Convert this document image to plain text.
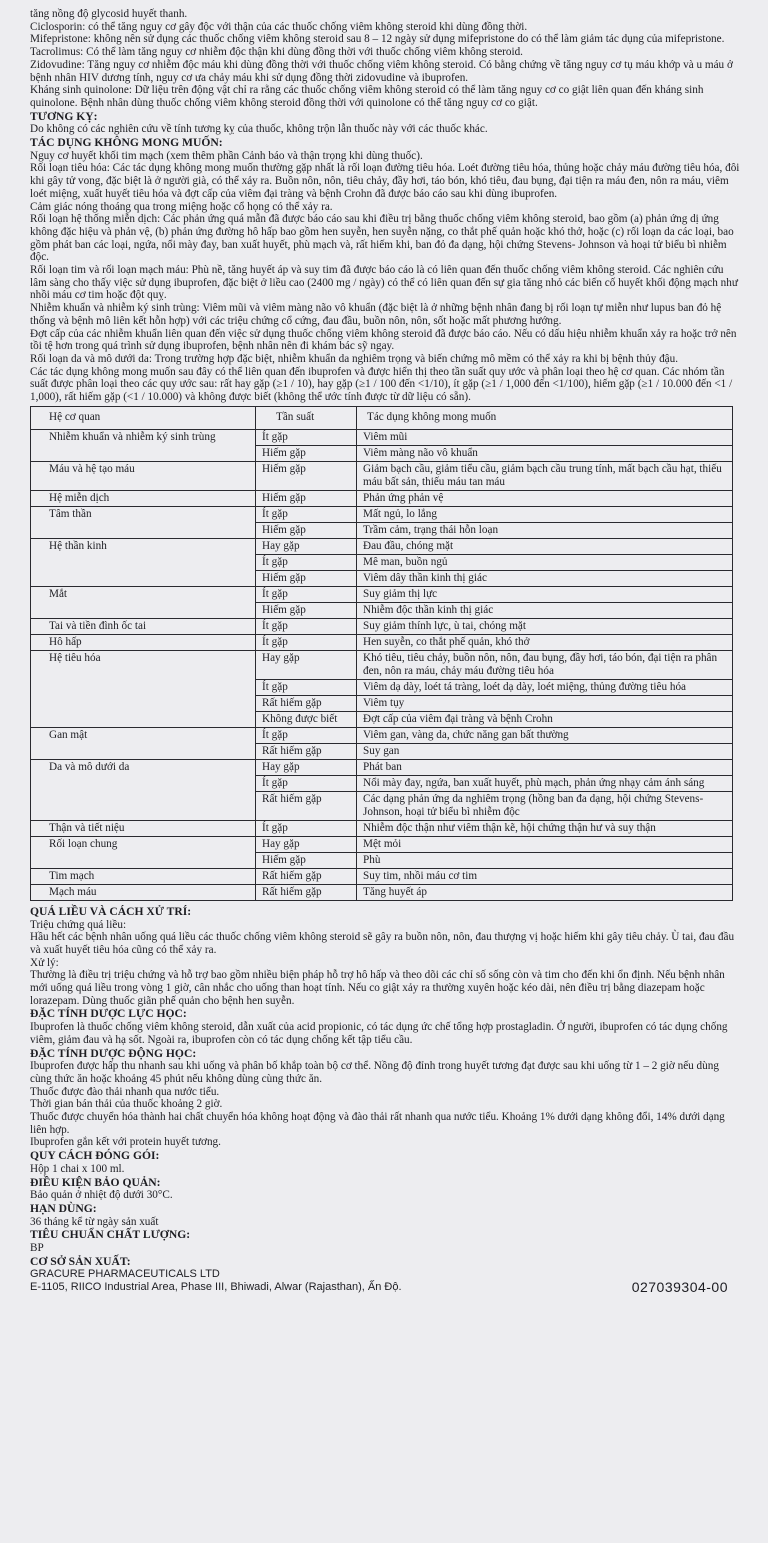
tăng nồng độ glycosid huyết thanh.

Ciclosporin: có thể tăng nguy cơ gây độc với thận của các thuốc chống viêm không steroid khi dùng đồng thời.

Mifepristone: không nên sử dụng các thuốc chống viêm không steroid sau 8 – 12 ngày sử dụng mifepristone do có thể làm giảm tác dụng của mifepristone.

Tacrolimus: Có thể làm tăng nguy cơ nhiễm độc thận khi dùng đồng thời với thuốc chống viêm không steroid.

Zidovudine: Tăng nguy cơ nhiễm độc máu khi dùng đồng thời với thuốc chống viêm không steroid. Có bằng chứng về tăng nguy cơ tụ máu khớp và u máu ở bệnh nhân HIV dương tính, nguy cơ ưa chảy máu khi sử dụng đồng thời zidovudine và ibuprofen.

Kháng sinh quinolone: Dữ liệu trên động vật chỉ ra rằng các thuốc chống viêm không steroid có thể làm tăng nguy cơ co giật liên quan đến kháng sinh quinolone. Bệnh nhân dùng thuốc chống viêm không steroid đồng thời với quinolone có thể tăng nguy cơ co giật.

TƯƠNG KỴ:

Do không có các nghiên cứu về tính tương kỵ của thuốc, không trộn lẫn thuốc này với các thuốc khác.

TÁC DỤNG KHÔNG MONG MUỐN:

Nguy cơ huyết khối tim mạch (xem thêm phần Cảnh báo và thận trọng khi dùng thuốc).

Rối loạn tiêu hóa: Các tác dụng không mong muốn thường gặp nhất là rối loạn đường tiêu hóa. Loét đường tiêu hóa, thủng hoặc chảy máu đường tiêu hóa, đôi khi gây tử vong, đặc biệt là ở người già, có thể xảy ra. Buồn nôn, nôn, tiêu chảy, đầy hơi, táo bón, khó tiêu, đau bụng, đại tiện ra máu đen, nôn ra máu, viêm loét miệng, xuất huyết tiêu hóa và đợt cấp của viêm đại tràng và bệnh Crohn đã được báo cáo sau khi dùng ibuprofen.

Cảm giác nóng thoáng qua trong miệng hoặc cổ họng có thể xảy ra.

Rối loạn hệ thống miễn dịch: Các phản ứng quá mẫn đã được báo cáo sau khi điều trị bằng thuốc chống viêm không steroid, bao gồm (a) phản ứng dị ứng không đặc hiệu và phản vệ, (b) phản ứng đường hô hấp bao gồm hen suyễn, hen suyễn nặng, co thắt phế quản hoặc khó thở, hoặc (c) rối loạn da các loại, bao gồm phát ban các loại, ngứa, nổi mày đay, ban xuất huyết, phù mạch và, rất hiếm khi, ban đỏ đa dạng, hội chứng Stevens- Johnson và hoại tử biểu bì nhiễm độc.

Rối loạn tim và rối loạn mạch máu: Phù nề, tăng huyết áp và suy tim đã được báo cáo là có liên quan đến thuốc chống viêm không steroid. Các nghiên cứu lâm sàng cho thấy việc sử dụng ibuprofen, đặc biệt ở liều cao (2400 mg / ngày) có thể có liên quan đến sự gia tăng nhỏ các biến cố huyết khối động mạch như nhồi máu cơ tim hoặc đột quỵ.

Nhiễm khuẩn và nhiễm ký sinh trùng: Viêm mũi và viêm màng não vô khuẩn (đặc biệt là ở những bệnh nhân đang bị rối loạn tự miễn như lupus ban đỏ hệ thống và bệnh mô liên kết hỗn hợp) với các triệu chứng cổ cứng, đau đầu, buồn nôn, nôn, sốt hoặc mất phương hướng.

Đợt cấp của các nhiễm khuẩn liên quan đến việc sử dụng thuốc chống viêm không steroid đã được báo cáo. Nếu có dấu hiệu nhiễm khuẩn xảy ra hoặc trở nên tồi tệ hơn trong quá trình sử dụng ibuprofen, bệnh nhân nên đi khám bác sỹ ngay.

Rối loạn da và mô dưới da: Trong trường hợp đặc biệt, nhiễm khuẩn da nghiêm trọng và biến chứng mô mềm có thể xảy ra khi bị bệnh thủy đậu.

Các tác dụng không mong muốn sau đây có thể liên quan đến ibuprofen và được hiển thị theo tần suất quy ước và phân loại theo hệ cơ quan. Các nhóm tần suất được phân loại theo các quy ước sau: rất hay gặp (≥1 / 10), hay gặp (≥1 / 100 đến <1/10), ít gặp (≥1 / 1,000 đến <1/100), hiếm gặp (≥1 / 10.000 đến <1 / 1,000), rất hiếm gặp (<1 / 10.000) và không được biết (không thể ước tính được từ dữ liệu có sẵn).

Hệ cơ quan	Tần suất	Tác dụng không mong muốn
Nhiễm khuẩn và nhiễm ký sinh trùng	Ít gặp	Viêm mũi
	Hiếm gặp	Viêm màng não vô khuẩn
Máu và hệ tạo máu	Hiếm gặp	Giảm bạch cầu, giảm tiểu cầu, giảm bạch cầu trung tính, mất bạch cầu hạt, thiếu máu bất sản, thiếu máu tan máu
Hệ miễn dịch	Hiếm gặp	Phản ứng phản vệ
Tâm thần	Ít gặp	Mất ngủ, lo lắng
	Hiếm gặp	Trầm cảm, trạng thái hỗn loạn
Hệ thần kinh	Hay gặp	Đau đầu, chóng mặt
	Ít gặp	Mê man, buồn ngủ
	Hiếm gặp	Viêm dây thần kinh thị giác
Mắt	Ít gặp	Suy giảm thị lực
	Hiếm gặp	Nhiễm độc thần kinh thị giác
Tai và tiền đình ốc tai	Ít gặp	Suy giảm thính lực, ù tai, chóng mặt
Hô hấp	Ít gặp	Hen suyễn, co thắt phế quản, khó thở
Hệ tiêu hóa	Hay gặp	Khó tiêu, tiêu chảy, buồn nôn, nôn, đau bụng, đầy hơi, táo bón, đại tiện ra phân đen, nôn ra máu, chảy máu đường tiêu hóa
	Ít gặp	Viêm dạ dày, loét tá tràng, loét dạ dày, loét miệng, thủng đường tiêu hóa
	Rất hiếm gặp	Viêm tụy
	Không được biết	Đợt cấp của viêm đại tràng và bệnh Crohn
Gan mật	Ít gặp	Viêm gan, vàng da, chức năng gan bất thường
	Rất hiếm gặp	Suy gan
Da và mô dưới da	Hay gặp	Phát ban
	Ít gặp	Nổi mày đay, ngứa, ban xuất huyết, phù mạch, phản ứng nhạy cảm ánh sáng
	Rất hiếm gặp	Các dạng phản ứng da nghiêm trọng (hồng ban đa dạng, hội chứng Stevens-Johnson, hoại tử biểu bì nhiễm độc
Thận và tiết niệu	Ít gặp	Nhiễm độc thận như viêm thận kẽ, hội chứng thận hư và suy thận
Rối loạn chung	Hay gặp	Mệt mỏi
	Hiếm gặp	Phù
Tim mạch	Rất hiếm gặp	Suy tim, nhồi máu cơ tim
Mạch máu	Rất hiếm gặp	Tăng huyết áp

QUÁ LIỀU VÀ CÁCH XỬ TRÍ:

Triệu chứng quá liều:

Hầu hết các bệnh nhân uống quá liều các thuốc chống viêm không steroid sẽ gây ra buồn nôn, nôn, đau thượng vị hoặc hiếm khi gây tiêu chảy. Ù tai, đau đầu và xuất huyết tiêu hóa cũng có thể xảy ra.

Xử lý:

Thường là điều trị triệu chứng và hỗ trợ bao gồm nhiều biện pháp hỗ trợ hô hấp và theo dõi các chỉ số sống còn và tim cho đến khi ổn định. Nếu bệnh nhân mới uống quá liều trong vòng 1 giờ, cân nhắc cho uống than hoạt tính. Nếu co giật xảy ra thường xuyên hoặc kéo dài, nên điều trị bằng diazepam hoặc lorazepam. Dùng thuốc giãn phế quản cho bệnh hen suyễn.

ĐẶC TÍNH DƯỢC LỰC HỌC:

Ibuprofen là thuốc chống viêm không steroid, dẫn xuất của acid propionic, có tác dụng ức chế tổng hợp prostagladin. Ở người, ibuprofen có tác dụng chống viêm, giảm đau và hạ sốt. Ngoài ra, ibuprofen còn có tác dụng chống kết tập tiểu cầu.

ĐẶC TÍNH DƯỢC ĐỘNG HỌC:

Ibuprofen được hấp thu nhanh sau khi uống và phân bố khắp toàn bộ cơ thể. Nồng độ đỉnh trong huyết tương đạt được sau khi uống từ 1 – 2 giờ nếu dùng cùng thức ăn hoặc khoảng 45 phút nếu không dùng cùng thức ăn.

Thuốc được đào thải nhanh qua nước tiểu.

Thời gian bán thải của thuốc khoảng 2 giờ.

Thuốc được chuyển hóa thành hai chất chuyển hóa không hoạt động và đào thải rất nhanh qua nước tiểu. Khoảng 1% dưới dạng không đổi, 14% dưới dạng liên hợp.

Ibuprofen gắn kết với protein huyết tương.

QUY CÁCH ĐÓNG GÓI:

Hộp 1 chai x 100 ml.

ĐIỀU KIỆN BẢO QUẢN:

Bảo quản ở nhiệt độ dưới 30°C.

HẠN DÙNG:

36 tháng kể từ ngày sản xuất

TIÊU CHUẨN CHẤT LƯỢNG:

BP

CƠ SỞ SẢN XUẤT:

GRACURE PHARMACEUTICALS LTD

E-1105, RIICO Industrial Area, Phase III, Bhiwadi, Alwar (Rajasthan), Ấn Độ.	027039304-00
